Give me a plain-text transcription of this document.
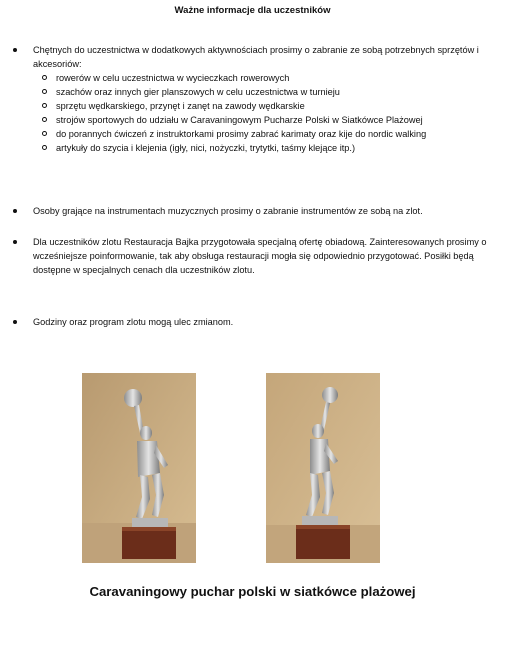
Ważne informacje dla uczestników
Chętnych do uczestnictwa w dodatkowych aktywnościach prosimy o zabranie ze sobą potrzebnych sprzętów i akcesoriów:
rowerów w celu uczestnictwa w wycieczkach rowerowych
szachów oraz innych gier planszowych w celu uczestnictwa w turnieju
sprzętu wędkarskiego, przynęt i zanęt na zawody wędkarskie
strojów sportowych do udziału w Caravaningowym Pucharze Polski w Siatkówce Plażowej
do porannych ćwiczeń z instruktorkami prosimy zabrać karimaty oraz kije do nordic walking
artykuły do szycia i klejenia (igły, nici, nożyczki, trytytki, taśmy klejące itp.)
Osoby grające na instrumentach muzycznych prosimy o zabranie instrumentów ze sobą na zlot.
Dla uczestników zlotu Restauracja Bajka przygotowała specjalną ofertę obiadową. Zainteresowanych prosimy o wcześniejsze poinformowanie, tak aby obsługa restauracji mogła się odpowiednio przygotować. Posiłki będą dostępne w specjalnych cenach dla uczestników zlotu.
Godziny oraz program zlotu mogą ulec zmianom.
Caravaningowy puchar polski w siatkówce plażowej
